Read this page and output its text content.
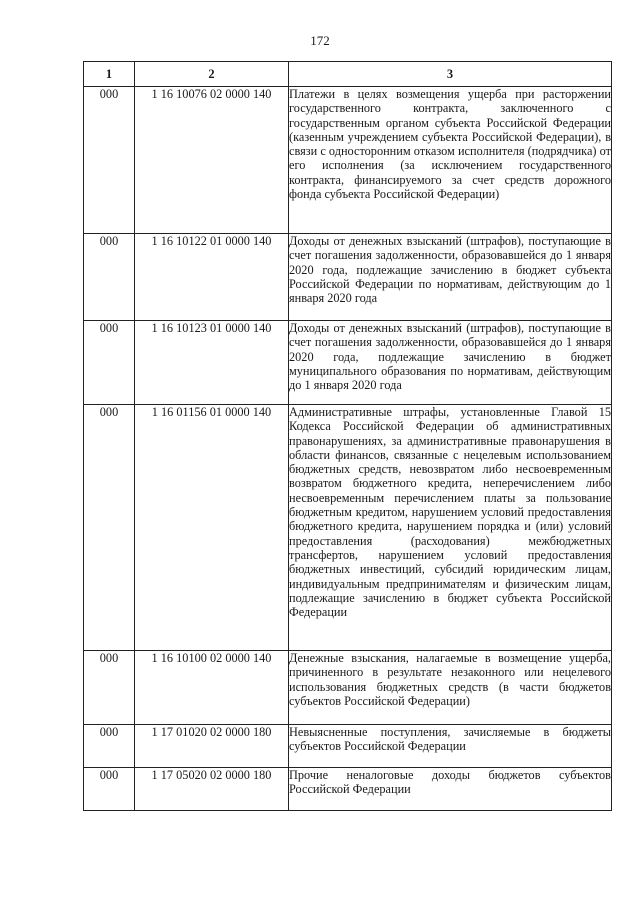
172
1	2	3
000	1 16 10076 02 0000 140	Платежи в целях возмещения ущерба при расторжении государственного контракта, заключенного с государственным органом субъекта Российской Федерации (казенным учреждением субъекта Российской Федерации), в связи с односторонним отказом исполнителя (подрядчика) от его исполнения (за исключением государственного контракта, финансируемого за счет средств дорожного фонда субъекта Российской Федерации)
000	1 16 10122 01 0000 140	Доходы от денежных взысканий (штрафов), поступающие в счет погашения задолженности, образовавшейся до 1 января 2020 года, подлежащие зачислению в бюджет субъекта Российской Федерации по нормативам, действующим до 1 января 2020 года
000	1 16 10123 01 0000 140	Доходы от денежных взысканий (штрафов), поступающие в счет погашения задолженности, образовавшейся до 1 января 2020 года, подлежащие зачислению в бюджет муниципального образования по нормативам, действующим до 1 января 2020 года
000	1 16 01156 01 0000 140	Административные штрафы, установленные Главой 15 Кодекса Российской Федерации об административных правонарушениях, за административные правонарушения в области финансов, связанные с нецелевым использованием бюджетных средств, невозвратом либо несвоевременным возвратом бюджетного кредита, неперечислением либо несвоевременным перечислением платы за пользование бюджетным кредитом, нарушением условий предоставления бюджетного кредита, нарушением порядка и (или) условий предоставления (расходования) межбюджетных трансфертов, нарушением условий предоставления бюджетных инвестиций, субсидий юридическим лицам, индивидуальным предпринимателям и физическим лицам, подлежащие зачислению в бюджет субъекта Российской Федерации
000	1 16 10100 02 0000 140	Денежные взыскания, налагаемые в возмещение ущерба, причиненного в результате незаконного или нецелевого использования бюджетных средств (в части бюджетов субъектов Российской Федерации)
000	1 17 01020 02 0000 180	Невыясненные поступления, зачисляемые в бюджеты субъектов Российской Федерации
000	1 17 05020 02 0000 180	Прочие неналоговые доходы бюджетов субъектов Российской Федерации
